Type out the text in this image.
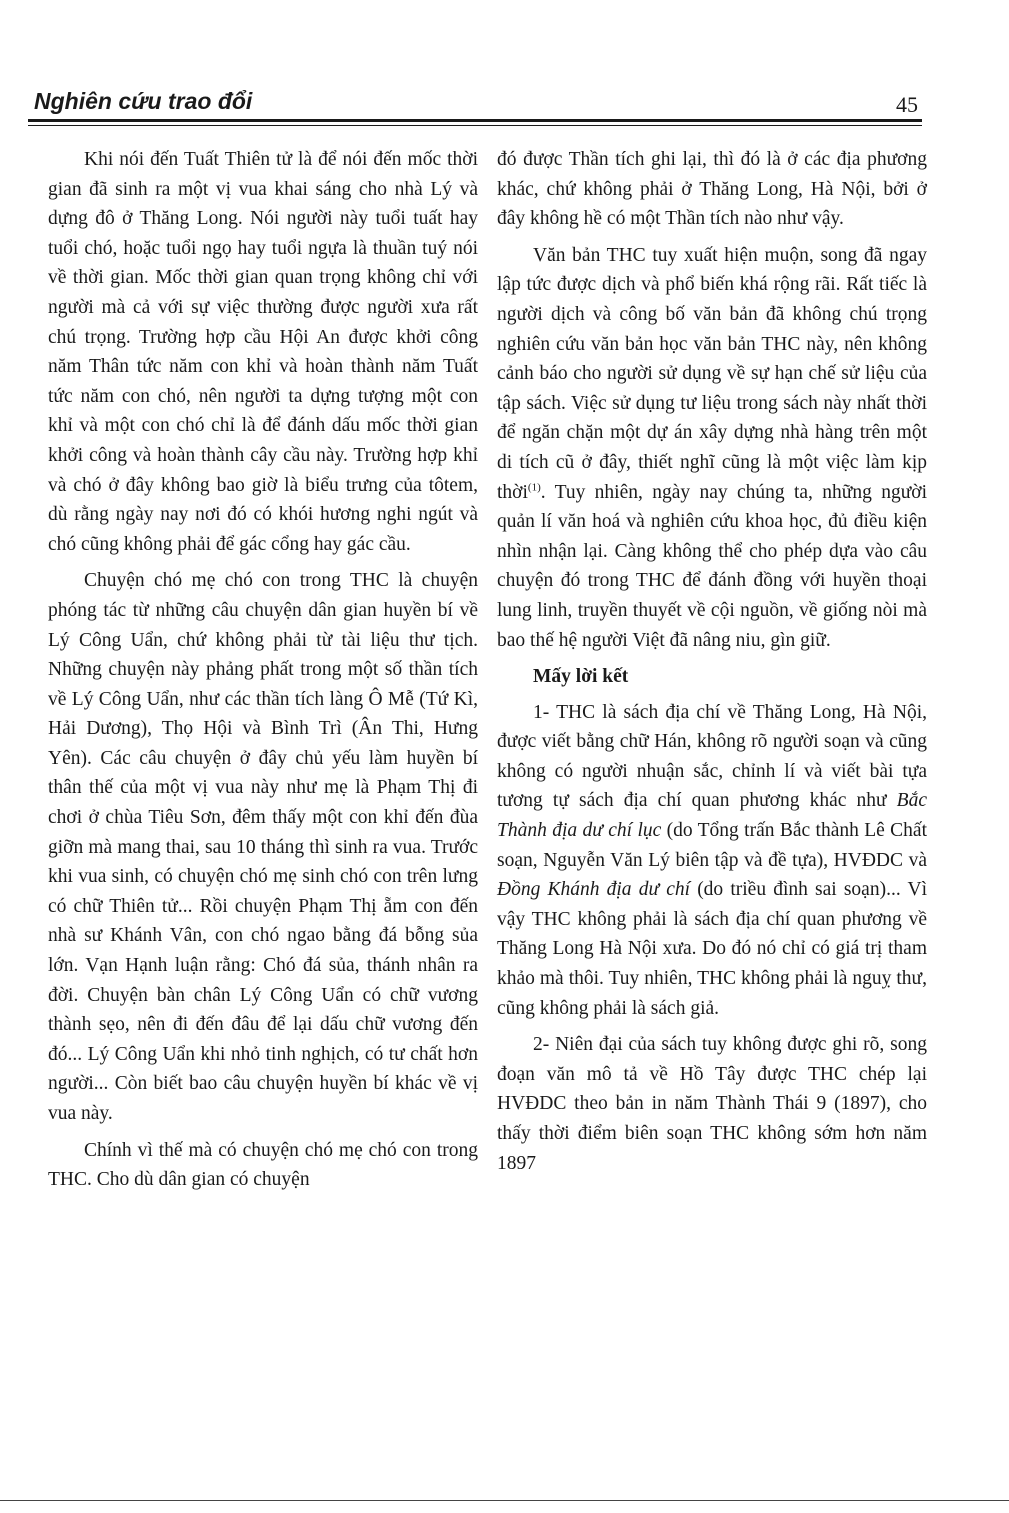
Nghiên cứu trao đổi	45

Khi nói đến Tuất Thiên tử là để nói đến mốc thời gian đã sinh ra một vị vua khai sáng cho nhà Lý và dựng đô ở Thăng Long. Nói người này tuổi tuất hay tuổi chó, hoặc tuổi ngọ hay tuổi ngựa là thuần tuý nói về thời gian. Mốc thời gian quan trọng không chỉ với người mà cả với sự việc thường được người xưa rất chú trọng. Trường hợp cầu Hội An được khởi công năm Thân tức năm con khỉ và hoàn thành năm Tuất tức năm con chó, nên người ta dựng tượng một con khỉ và một con chó chỉ là để đánh dấu mốc thời gian khởi công và hoàn thành cây cầu này. Trường hợp khỉ và chó ở đây không bao giờ là biểu trưng của tôtem, dù rằng ngày nay nơi đó có khói hương nghi ngút và chó cũng không phải để gác cổng hay gác cầu.

Chuyện chó mẹ chó con trong THC là chuyện phóng tác từ những câu chuyện dân gian huyền bí về Lý Công Uẩn, chứ không phải từ tài liệu thư tịch. Những chuyện này phảng phất trong một số thần tích về Lý Công Uẩn, như các thần tích làng Ô Mễ (Tứ Kì, Hải Dương), Thọ Hội và Bình Trì (Ân Thi, Hưng Yên). Các câu chuyện ở đây chủ yếu làm huyền bí thân thế của một vị vua này như mẹ là Phạm Thị đi chơi ở chùa Tiêu Sơn, đêm thấy một con khỉ đến đùa giỡn mà mang thai, sau 10 tháng thì sinh ra vua. Trước khi vua sinh, có chuyện chó mẹ sinh chó con trên lưng có chữ Thiên tử... Rồi chuyện Phạm Thị ẵm con đến nhà sư Khánh Vân, con chó ngao bằng đá bỗng sủa lớn. Vạn Hạnh luận rằng: Chó đá sủa, thánh nhân ra đời. Chuyện bàn chân Lý Công Uẩn có chữ vương thành sẹo, nên đi đến đâu để lại dấu chữ vương đến đó... Lý Công Uẩn khi nhỏ tinh nghịch, có tư chất hơn người... Còn biết bao câu chuyện huyền bí khác về vị vua này.

Chính vì thế mà có chuyện chó mẹ chó con trong THC. Cho dù dân gian có chuyện

đó được Thần tích ghi lại, thì đó là ở các địa phương khác, chứ không phải ở Thăng Long, Hà Nội, bởi ở đây không hề có một Thần tích nào như vậy.

Văn bản THC tuy xuất hiện muộn, song đã ngay lập tức được dịch và phổ biến khá rộng rãi. Rất tiếc là người dịch và công bố văn bản đã không chú trọng nghiên cứu văn bản học văn bản THC này, nên không cảnh báo cho người sử dụng về sự hạn chế sử liệu của tập sách. Việc sử dụng tư liệu trong sách này nhất thời để ngăn chặn một dự án xây dựng nhà hàng trên một di tích cũ ở đây, thiết nghĩ cũng là một việc làm kịp thời$^{(1)}$. Tuy nhiên, ngày nay chúng ta, những người quản lí văn hoá và nghiên cứu khoa học, đủ điều kiện nhìn nhận lại. Càng không thể cho phép dựa vào câu chuyện đó trong THC để đánh đồng với huyền thoại lung linh, truyền thuyết về cội nguồn, về giống nòi mà bao thế hệ người Việt đã nâng niu, gìn giữ.

Mấy lời kết

1- THC là sách địa chí về Thăng Long, Hà Nội, được viết bằng chữ Hán, không rõ người soạn và cũng không có người nhuận sắc, chỉnh lí và viết bài tựa tương tự sách địa chí quan phương khác như Bắc Thành địa dư chí lục (do Tổng trấn Bắc thành Lê Chất soạn, Nguyễn Văn Lý biên tập và đề tựa), HVĐDC và Đồng Khánh địa dư chí (do triều đình sai soạn)... Vì vậy THC không phải là sách địa chí quan phương về Thăng Long Hà Nội xưa. Do đó nó chỉ có giá trị tham khảo mà thôi. Tuy nhiên, THC không phải là nguỵ thư, cũng không phải là sách giả.

2- Niên đại của sách tuy không được ghi rõ, song đoạn văn mô tả về Hồ Tây được THC chép lại HVĐDC theo bản in năm Thành Thái 9 (1897), cho thấy thời điểm biên soạn THC không sớm hơn năm 1897
